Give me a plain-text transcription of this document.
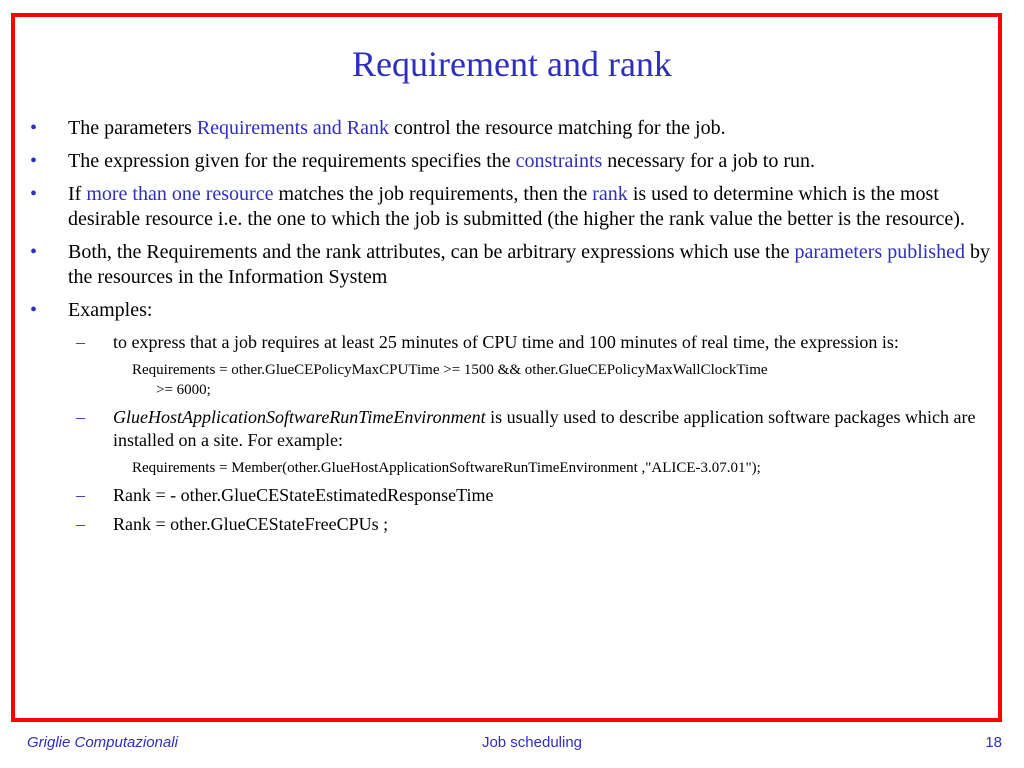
Requirement and rank
•	The parameters Requirements and Rank control the resource matching for the job.
•	The expression given for the requirements specifies the constraints necessary for a job to run.
•	If more than one resource matches the job requirements, then the rank is used to determine which is the most desirable resource i.e. the one to which the job is submitted (the higher the rank value the better is the resource).
•	Both, the Requirements and the rank attributes, can be arbitrary expressions which use the parameters published by the resources in the Information System
•	Examples:
– to express that a job requires at least 25 minutes of CPU time and 100 minutes of real time, the expression is:
Requirements = other.GlueCEPolicyMaxCPUTime >= 1500 && other.GlueCEPolicyMaxWallClockTime
>= 6000;
– GlueHostApplicationSoftwareRunTimeEnvironment is usually used to describe application software packages which are installed on a site. For example:
Requirements = Member(other.GlueHostApplicationSoftwareRunTimeEnvironment ,"ALICE-3.07.01");
– Rank = - other.GlueCEStateEstimatedResponseTime
– Rank = other.GlueCEStateFreeCPUs ;
Griglie Computazionali	Job scheduling	18
